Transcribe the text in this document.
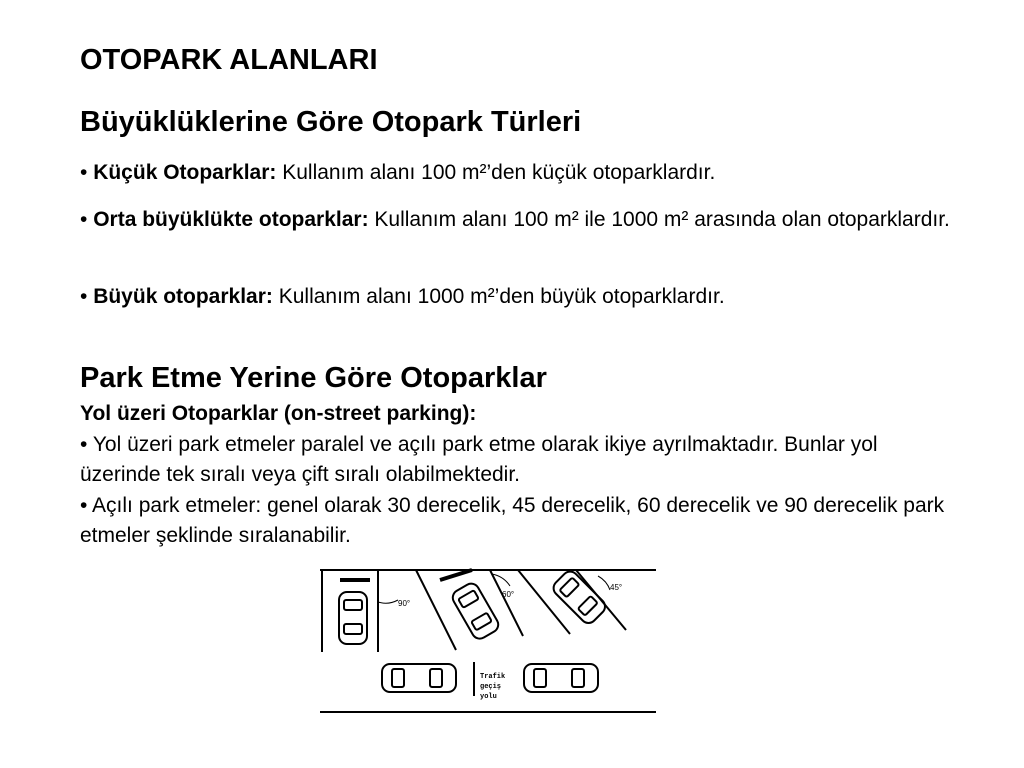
OTOPARK ALANLARI
Büyüklüklerine Göre Otopark Türleri

• Küçük Otoparklar: Kullanım alanı 100 m²’den küçük otoparklardır.

• Orta büyüklükte otoparklar: Kullanım alanı 100 m² ile 1000 m² arasında olan otoparklardır.

• Büyük otoparklar: Kullanım alanı 1000 m²’den büyük otoparklardır.

Park Etme Yerine Göre Otoparklar
Yol üzeri Otoparklar (on-street parking):

• Yol üzeri park etmeler paralel ve açılı park etme olarak ikiye ayrılmaktadır. Bunlar yol üzerinde tek sıralı veya çift sıralı olabilmektedir.

• Açılı park etmeler: genel olarak 30 derecelik, 45 derecelik, 60 derecelik ve 90 derecelik park etmeler şeklinde sıralanabilir.

90°
60°
45°
Trafik
geçiş
yolu
